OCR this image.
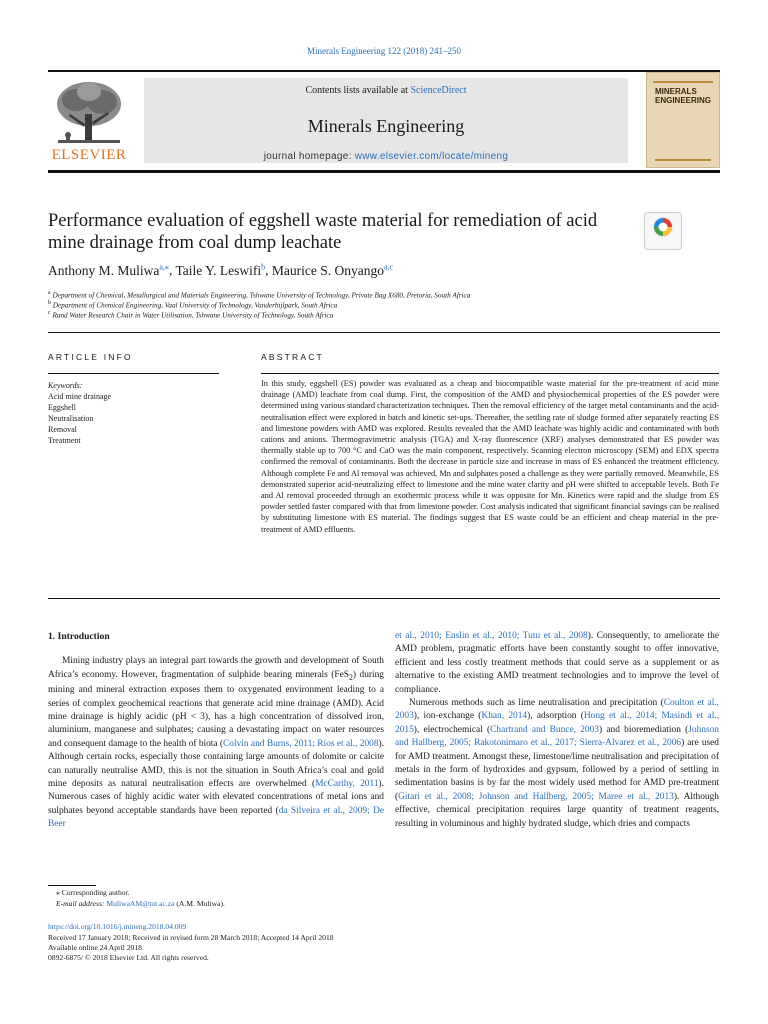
Minerals Engineering 122 (2018) 241–250
ELSEVIER
Contents lists available at ScienceDirect
Minerals Engineering
journal homepage: www.elsevier.com/locate/mineng
MINERALS
ENGINEERING
Performance evaluation of eggshell waste material for remediation of acid mine drainage from coal dump leachate
Anthony M. Muliwa$^{a,⁎}$, Taile Y. Leswifi$^b$, Maurice S. Onyango$^{a,c}$
$^a$ Department of Chemical, Metallurgical and Materials Engineering, Tshwane University of Technology, Private Bag X680, Pretoria, South Africa
$^b$ Department of Chemical Engineering, Vaal University of Technology, Vanderbijlpark, South Africa
$^c$ Rand Water Research Chair in Water Utilisation, Tshwane University of Technology, South Africa
ARTICLE INFO
Keywords:
Acid mine drainage
Eggshell
Neutralisation
Removal
Treatment
ABSTRACT
In this study, eggshell (ES) powder was evaluated as a cheap and biocompatible waste material for the pre-treatment of acid mine drainage (AMD) leachate from coal dump. First, the composition of the AMD and physiochemical properties of the ES powder were determined using various standard characterization techniques. Then the removal efficiency of the target metal contaminants and the acid-neutralisation effect were explored in batch and kinetic set-ups. Thereafter, the settling rate of sludge formed after separately reacting ES and limestone powders with AMD was explored. Results revealed that the AMD leachate was highly acidic and contaminated with both cations and anions. Thermogravimetric analysis (TGA) and X-ray fluorescence (XRF) analyses demonstrated that ES powder was thermally stable up to 700 °C and CaO was the main component, respectively. Scanning electron microscopy (SEM) and EDX spectra confirmed the removal of contaminants. Both the decrease in particle size and increase in mass of ES enhanced the treatment efficiency. Although complete Fe and Al removal was achieved, Mn and sulphates posed a challenge as they were partially removed. Meanwhile, ES demonstrated superior acid-neutralizing effect to limestone and the mine water clarity and pH were shifted to acceptable levels. Both Fe and Al removal proceeded through an exothermic process while it was opposite for Mn. Kinetics were rapid and the sludge from ES powder settled faster compared with that from limestone powder. Cost analysis indicated that significant financial savings can be realised by substituting limestone with ES material. The findings suggest that ES waste could be an efficient and cheap material in the pre-treatment of AMD effluents.
1. Introduction

Mining industry plays an integral part towards the growth and development of South Africa’s economy. However, fragmentation of sulphide bearing minerals (FeS$_2$) during mining and mineral extraction exposes them to oxygenated environment leading to a series of complex geochemical reactions that generate acid mine drainage (AMD). Acid mine drainage is highly acidic (pH < 3), has a high concentration of dissolved iron, aluminium, manganese and sulphates; causing a devastating impact on water resources and consequent damage to the health of biota (Colvin and Burns, 2011; Ríos et al., 2008). Although certain rocks, especially those containing large amounts of dolomite or calcite can naturally neutralise AMD, this is not the situation in South Africa’s coal and gold mine deposits as natural neutralisation effects are overwhelmed (McCarthy, 2011). Numerous cases of highly acidic water with elevated concentrations of metal ions and sulphates beyond acceptable standards have been reported (da Silveira et al., 2009; De Beer

et al., 2010; Enslin et al., 2010; Tutu et al., 2008). Consequently, to ameliorate the AMD problem, pragmatic efforts have been constantly sought to offer innovative, efficient and less costly treatment methods that could serve as a supplement or as alternative to the existing AMD treatment technologies and to improve the level of compliance.

Numerous methods such as lime neutralisation and precipitation (Coulton et al., 2003), ion-exchange (Khan, 2014), adsorption (Hong et al., 2014; Masindi et al., 2015), electrochemical (Chartrand and Bunce, 2003) and bioremediation (Johnson and Hallberg, 2005; Rakotonimaro et al., 2017; Sierra-Alvarez et al., 2006) are used for AMD treatment. Amongst these, limestone/lime neutralisation and precipitation of metals in the form of hydroxides and gypsum, followed by a period of settling in sedimentation basins is by far the most widely used method for AMD pre-treatment (Gitari et al., 2008; Johnson and Hallberg, 2005; Maree et al., 2013). Although effective, chemical precipitation requires large quantity of treatment reagents, resulting in voluminous and highly hydrated sludge, which dries and compacts

⁎ Corresponding author.
E-mail address: MuliwaAM@tut.ac.za (A.M. Muliwa).
https://doi.org/10.1016/j.mineng.2018.04.009
Received 17 January 2018; Received in revised form 28 March 2018; Accepted 14 April 2018
Available online 24 April 2018
0892-6875/ © 2018 Elsevier Ltd. All rights reserved.
